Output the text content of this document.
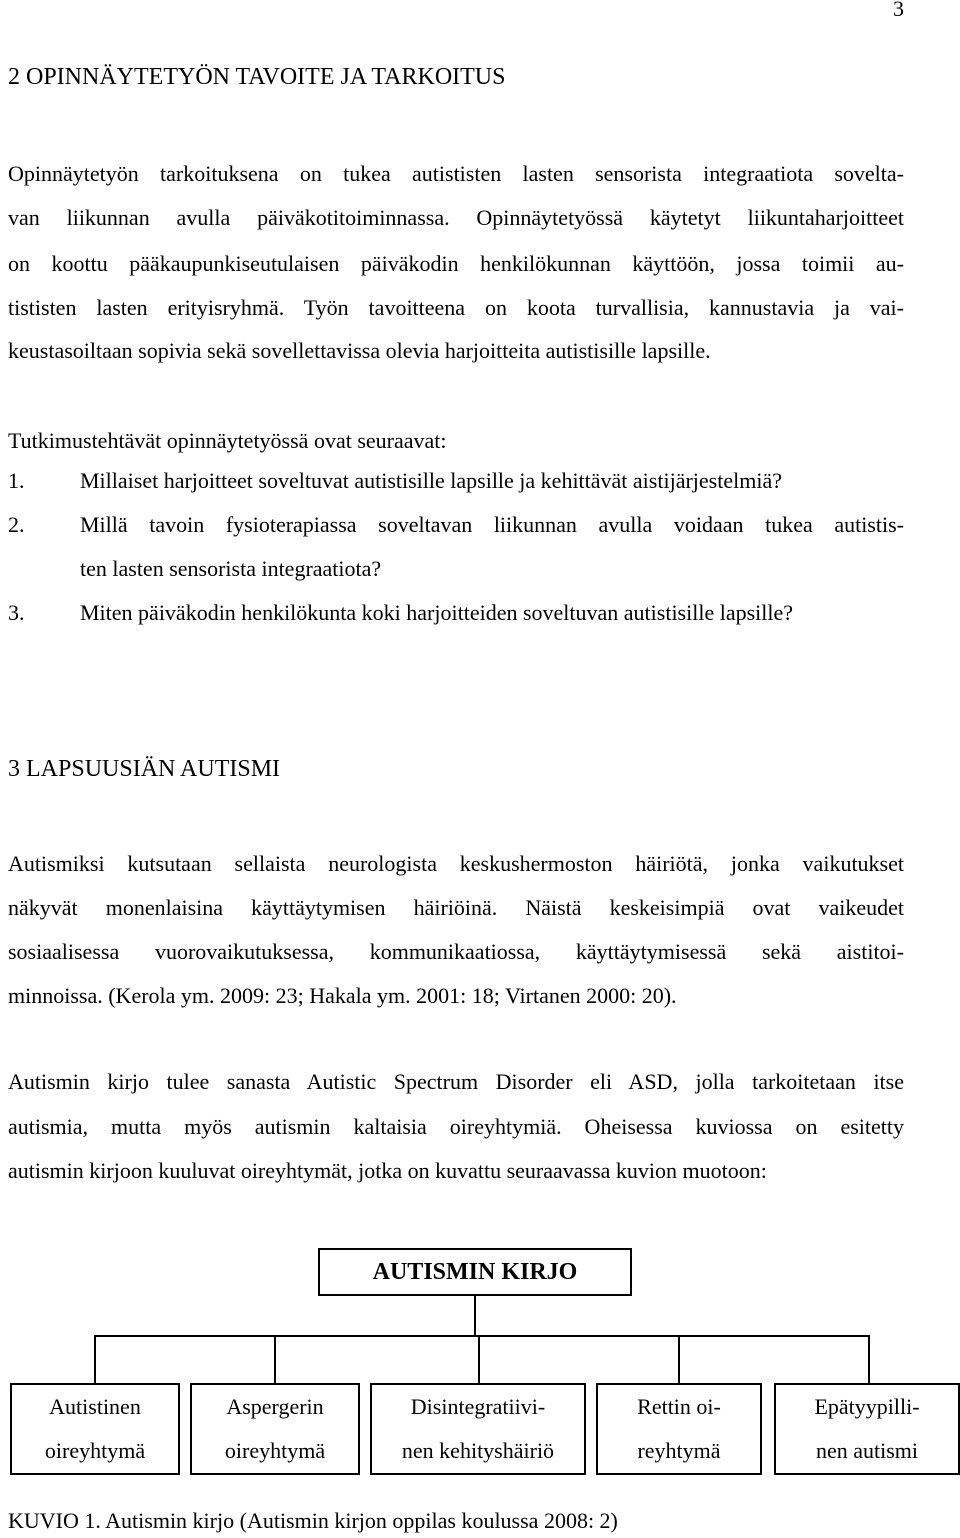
3
2 OPINNÄYTETYÖN TAVOITE JA TARKOITUS
Opinnäytetyön tarkoituksena on tukea autististen lasten sensorista integraatiota sovelta-
van liikunnan avulla päiväkotitoiminnassa. Opinnäytetyössä käytetyt liikuntaharjoitteet
on koottu pääkaupunkiseutulaisen päiväkodin henkilökunnan käyttöön, jossa toimii au-
tististen lasten erityisryhmä. Työn tavoitteena on koota turvallisia, kannustavia ja vai-
keustasoiltaan sopivia sekä sovellettavissa olevia harjoitteita autistisille lapsille.
Tutkimustehtävät opinnäytetyössä ovat seuraavat:
1.	Millaiset harjoitteet soveltuvat autistisille lapsille ja kehittävät aistijärjestelmiä?
2.	Millä tavoin fysioterapiassa soveltavan liikunnan avulla voidaan tukea autistis-
ten lasten sensorista integraatiota?
3.	Miten päiväkodin henkilökunta koki harjoitteiden soveltuvan autistisille lapsille?
3 LAPSUUSIÄN AUTISMI
Autismiksi kutsutaan sellaista neurologista keskushermoston häiriötä, jonka vaikutukset
näkyvät monenlaisina käyttäytymisen häiriöinä. Näistä keskeisimpiä ovat vaikeudet
sosiaalisessa vuorovaikutuksessa, kommunikaatiossa, käyttäytymisessä sekä aistitoi-
minnoissa. (Kerola ym. 2009: 23; Hakala ym. 2001: 18; Virtanen 2000: 20).
Autismin kirjo tulee sanasta Autistic Spectrum Disorder eli ASD, jolla tarkoitetaan itse
autismia, mutta myös autismin kaltaisia oireyhtymiä. Oheisessa kuviossa on esitetty
autismin kirjoon kuuluvat oireyhtymät, jotka on kuvattu seuraavassa kuvion muotoon:
AUTISMIN KIRJO
Autistinen
oireyhtymä
Aspergerin
oireyhtymä
Disintegratiivi-
nen kehityshäiriö
Rettin oi-
reyhtymä
Epätyypilli-
nen autismi
KUVIO 1. Autismin kirjo (Autismin kirjon oppilas koulussa 2008: 2)
